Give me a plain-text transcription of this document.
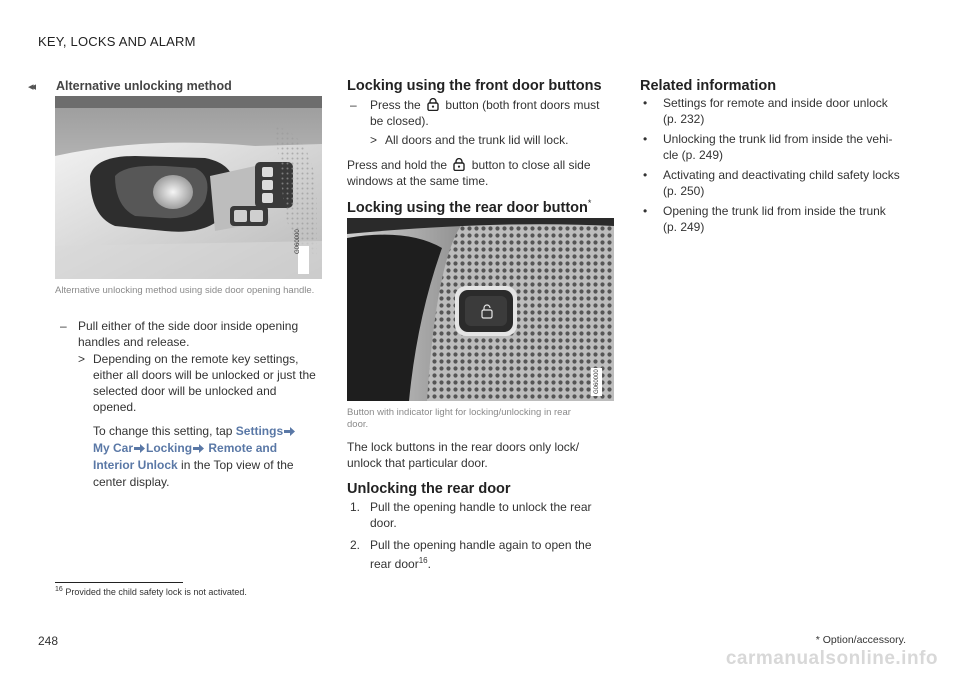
KEY, LOCKS AND ALARM
◂◂ Alternative unlocking method
G060000
Alternative unlocking method using side door opening handle.
– Pull either of the side door inside opening
handles and release.
> Depending on the remote key settings,
either all doors will be unlocked or just the
selected door will be unlocked and
opened.
To change this setting, tap Settings
My Car Locking Remote and
Interior Unlock in the Top view of the
center display.
Locking using the front door buttons
– Press the button (both front doors must
be closed).
> All doors and the trunk lid will lock.
Press and hold the button to close all side
windows at the same time.
Locking using the rear door button*
G060000
Button with indicator light for locking/unlocking in rear
door.
The lock buttons in the rear doors only lock/
unlock that particular door.
Unlocking the rear door
1. Pull the opening handle to unlock the rear
door.
2. Pull the opening handle again to open the
rear door$^{16}$.
Related information
• Settings for remote and inside door unlock
(p. 232)
• Unlocking the trunk lid from inside the vehi-
cle (p. 249)
• Activating and deactivating child safety locks
(p. 250)
• Opening the trunk lid from inside the trunk
(p. 249)
$^{16}$ Provided the child safety lock is not activated.
248	* Option/accessory.
carmanualsonline.info
